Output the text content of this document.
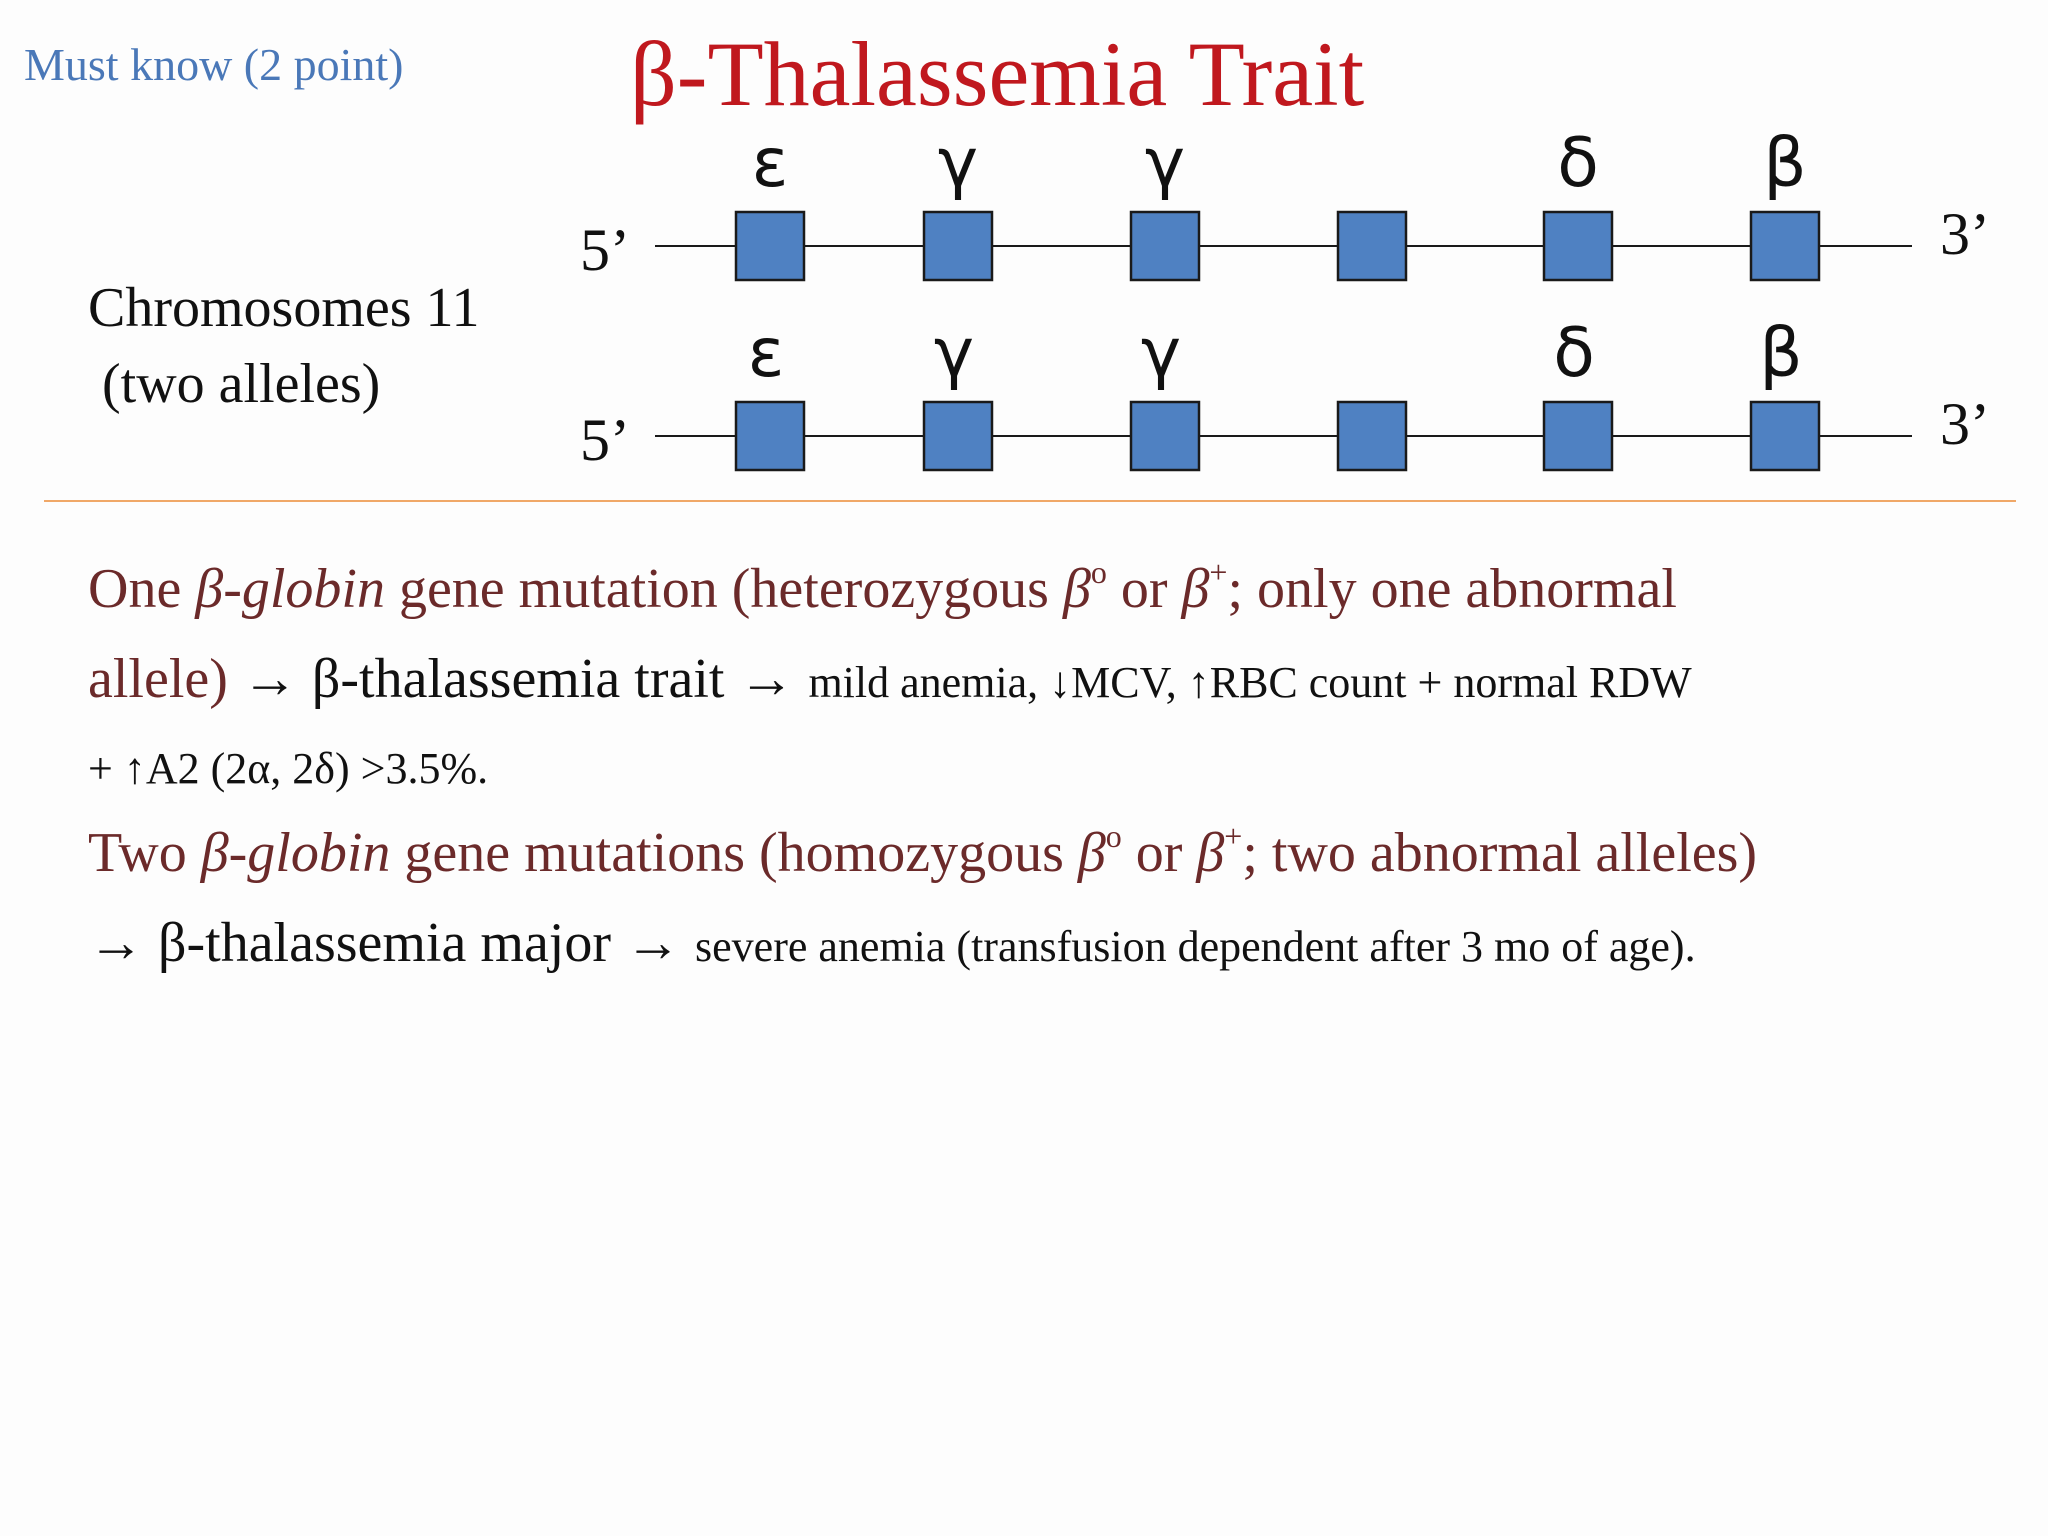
Must know (2 point) β-Thalassemia Trait
Chromosomes 11
(two alleles)
5’	3’
ε γ γ	δ β
5’	3’
ε γ γ	δ β
One β-globin gene mutation (heterozygous βo or β+; only one abnormal
allele) → β-thalassemia trait → mild anemia, ↓MCV, ↑RBC count + normal RDW
+ ↑A2 (2α, 2δ) >3.5%.
Two β-globin gene mutations (homozygous βo or β+; two abnormal alleles)
→ β-thalassemia major → severe anemia (transfusion dependent after 3 mo of age).
